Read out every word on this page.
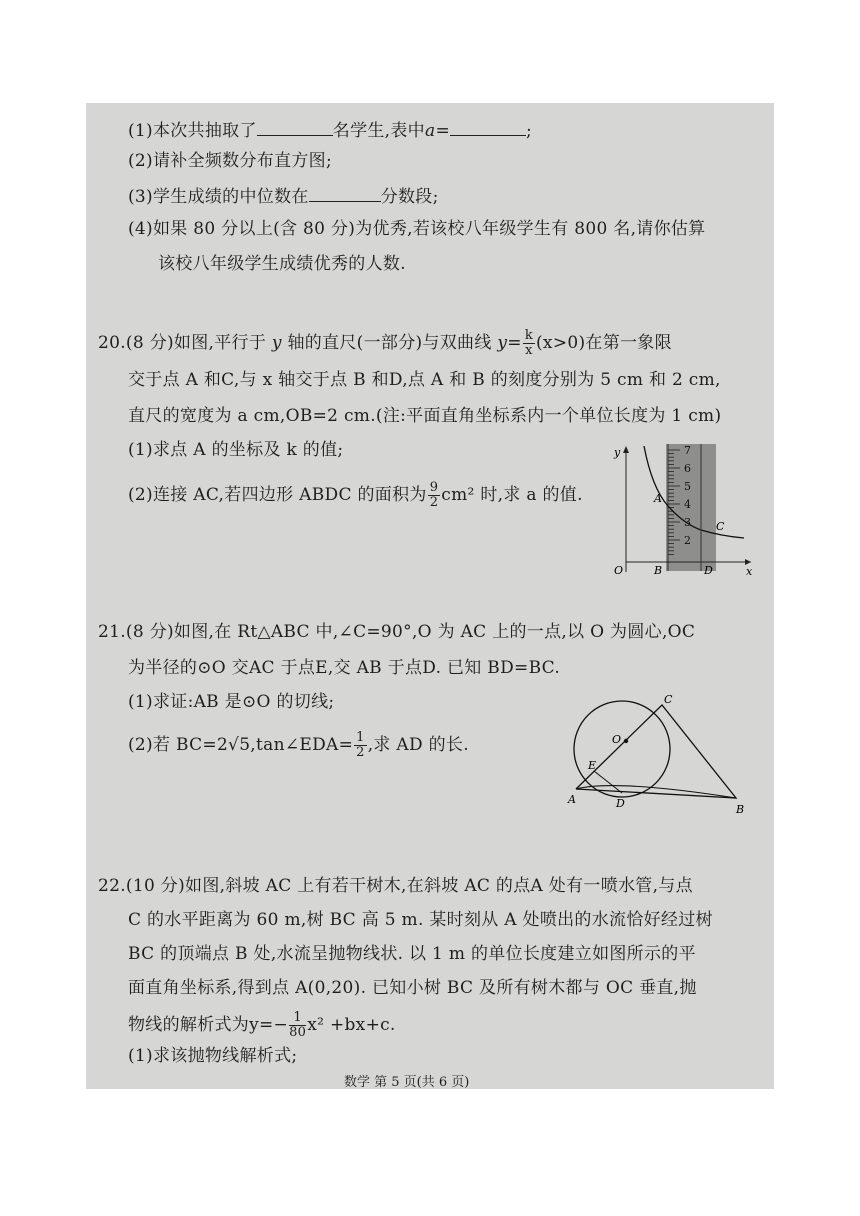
(1)本次共抽取了	名学生,表中a=	;
(2)请补全频数分布直方图;
(3)学生成绩的中位数在	分数段;
(4)如果 80 分以上(含 80 分)为优秀,若该校八年级学生有 800 名,请你估算
该校八年级学生成绩优秀的人数.
20.(8 分)如图,平行于 y 轴的直尺(一部分)与双曲线 $y= \frac{k}{x} (x>0)$在第一象限
交于点 A 和C,与 x 轴交于点 B 和D,点 A 和 B 的刻度分别为 5 cm 和 2 cm,
直尺的宽度为 a cm,OB=2 cm.(注:平面直角坐标系内一个单位长度为 1 cm)
(1)求点 A 的坐标及 k 的值;
(2)连接 AC,若四边形 ABDC 的面积为 $\frac{9}{2} cm^2$ 时,求 a 的值.
7
6
5
4
3
2
y
x
O	B	D
A
C
21.(8 分)如图,在 Rt△ABC 中,∠C=90°,O 为 AC 上的一点,以 O 为圆心,OC
为半径的⊙O 交AC 于点E,交 AB 于点D. 已知 BD=BC.
(1)求证:AB 是⊙O 的切线;
(2)若 BC=2√5,tan∠EDA= $\frac{1}{2}$ ,求 AD 的长.
C
O
E
A	D	B
22.(10 分)如图,斜坡 AC 上有若干树木,在斜坡 AC 的点A 处有一喷水管,与点
C 的水平距离为 60 m,树 BC 高 5 m. 某时刻从 A 处喷出的水流恰好经过树
BC 的顶端点 B 处,水流呈抛物线状. 以 1 m 的单位长度建立如图所示的平
面直角坐标系,得到点 A(0,20). 已知小树 BC 及所有树木都与 OC 垂直,抛
物线的解析式为$y=- \frac{1}{80} x^2 +bx+c$.
(1)求该抛物线解析式;
数学 第 5 页(共 6 页)
